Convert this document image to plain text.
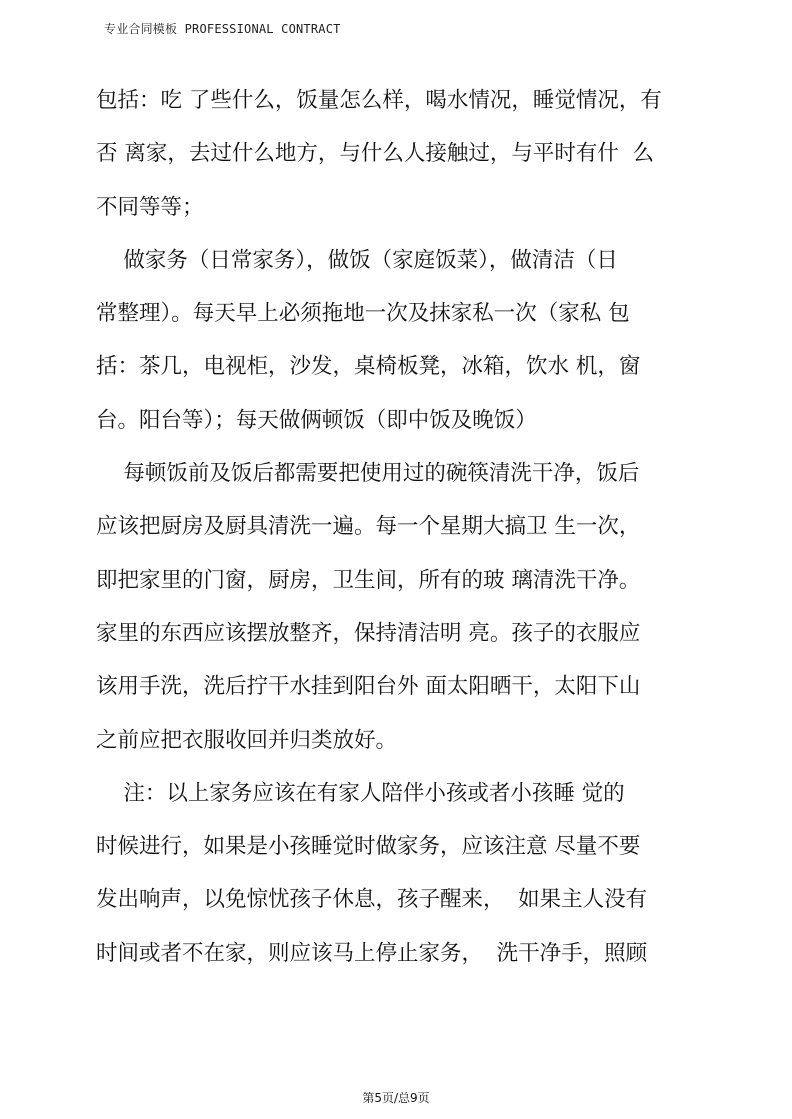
专业合同模板 PROFESSIONAL CONTRACT
包括：吃 了些什么，饭量怎么样，喝水情况，睡觉情况，有
否 离家，去过什么地方，与什么人接触过，与平时有什  么
不同等等；
做家务（日常家务），做饭（家庭饭菜），做清洁（日
常整理）。每天早上必须拖地一次及抹家私一次（家私 包
括：茶几，电视柜，沙发，桌椅板凳，冰箱，饮水 机，窗
台。阳台等）；每天做俩顿饭（即中饭及晚饭）
每顿饭前及饭后都需要把使用过的碗筷清洗干净，饭后
应该把厨房及厨具清洗一遍。每一个星期大搞卫 生一次，
即把家里的门窗，厨房，卫生间，所有的玻 璃清洗干净。
家里的东西应该摆放整齐，保持清洁明 亮。孩子的衣服应
该用手洗，洗后拧干水挂到阳台外 面太阳晒干，太阳下山
之前应把衣服收回并归类放好。
注：以上家务应该在有家人陪伴小孩或者小孩睡 觉的
时候进行，如果是小孩睡觉时做家务，应该注意 尽量不要
发出响声，以免惊忧孩子休息，孩子醒来，  如果主人没有
时间或者不在家，则应该马上停止家务，  洗干净手，照顾
第5页/总9页
